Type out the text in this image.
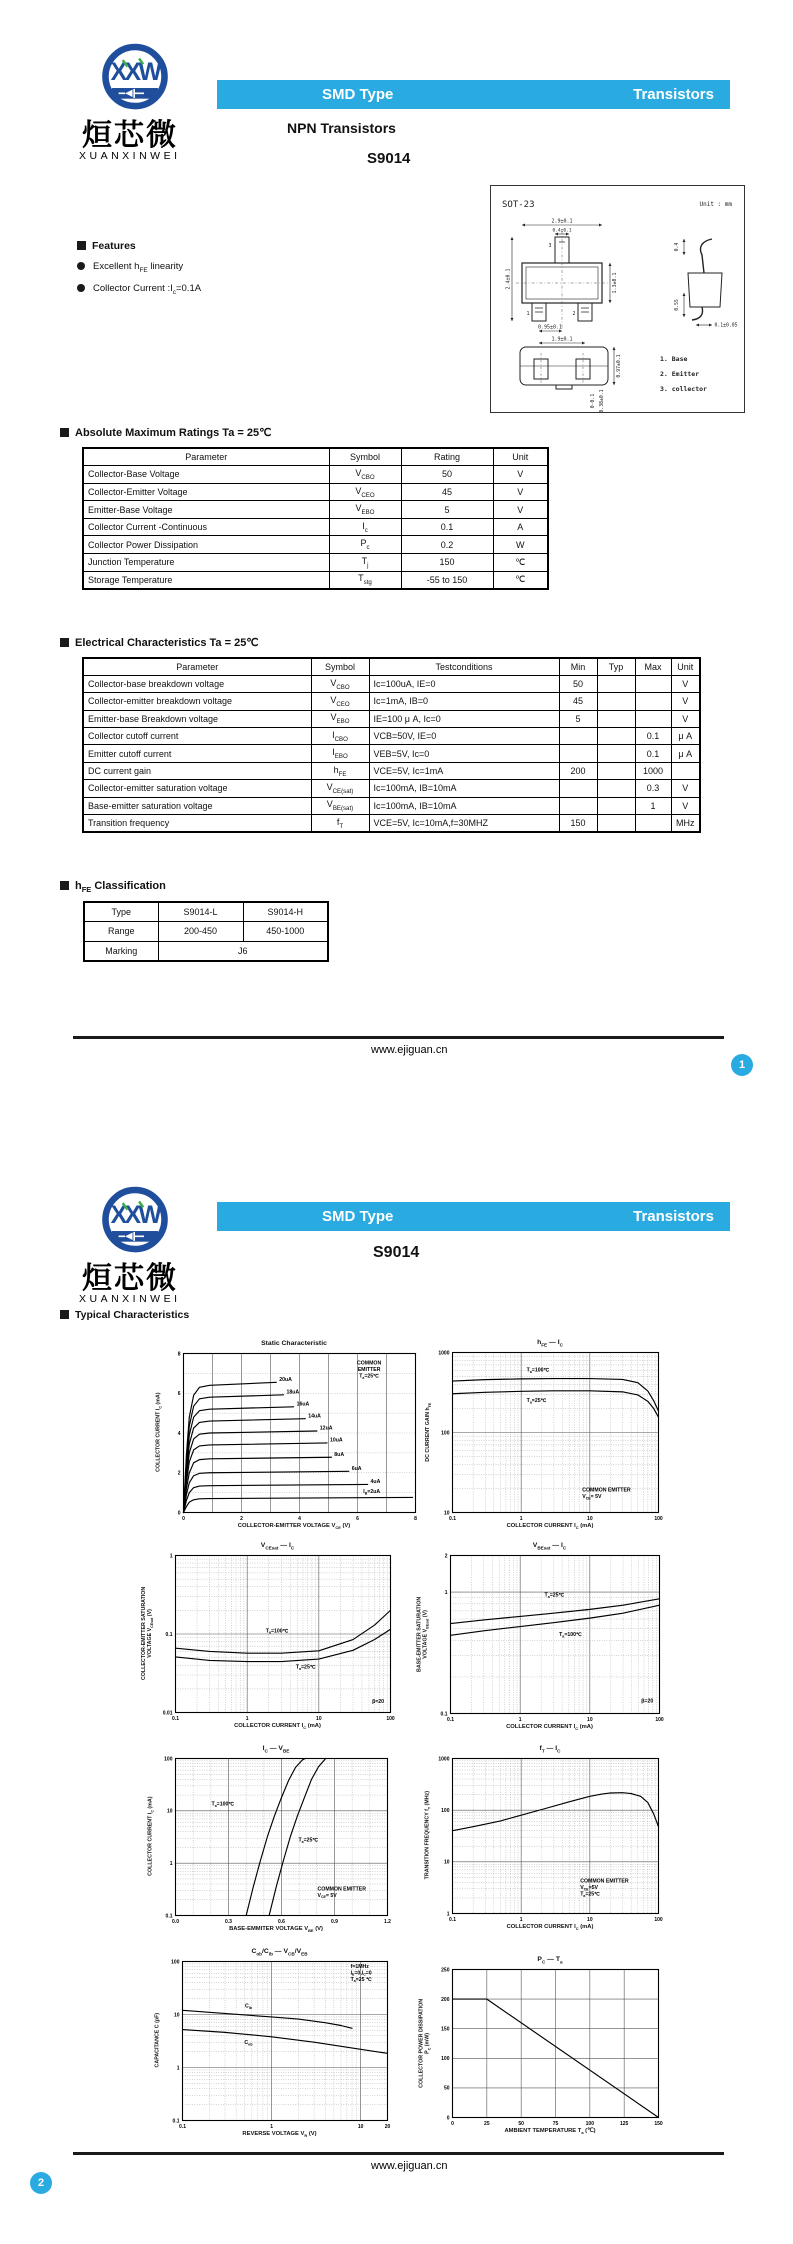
XXW
烜芯微
XUANXINWEI
SMD Type	Transistors
NPN Transistors
S9014
SOT-23	Unit : mm
3
1	2
2.9±0.1
0.4±0.1
2.4±0.1	1.3±0.1
0.95±0.1
1.9±0.1
0.4
0.55
0.1±0.05
0.97±0.1
0-0.1 0.38±0.1
1. Base
2. Emitter
3. collector
Features
Excellent $h_{FE}$ linearity
Collector Current $:I_c=0.1A$
Absolute Maximum Ratings Ta = 25℃
Parameter	Symbol	Rating	Unit
Collector-Base Voltage	$V_{CBO}$	50	V
Collector-Emitter Voltage	$V_{CEO}$	45	V
Emitter-Base Voltage	$V_{EBO}$	5	V
Collector Current -Continuous	$I_c$	0.1	A
Collector Power Dissipation	$P_c$	0.2	W
Junction Temperature	$T_j$	150	℃
Storage Temperature	$T_{stg}$	-55 to 150	℃
Electrical Characteristics Ta = 25℃
Parameter	Symbol	Testconditions	Min	Typ	Max	Unit
Collector-base breakdown voltage	$V_{CBO}$	Ic=100uA, IE=0	50			V
Collector-emitter breakdown voltage	$V_{CEO}$	Ic=1mA, IB=0	45			V
Emitter-base Breakdown voltage	$V_{EBO}$	IE=100 μ A, Ic=0	5			V
Collector cutoff current	$I_{CBO}$	VCB=50V, IE=0			0.1	μ A
Emitter cutoff current	$I_{EBO}$	VEB=5V, Ic=0			0.1	μ A
DC current gain	$h_{FE}$	VCE=5V, Ic=1mA	200		1000	
Collector-emitter saturation voltage	$V_{CE(sat)}$	Ic=100mA, IB=10mA			0.3	V
Base-emitter saturation voltage	$V_{BE(sat)}$	Ic=100mA, IB=10mA			1	V
Transition frequency	$f_T$	VCE=5V, Ic=10mA,f=30MHZ	150			MHz
$h_{FE}$ Classification
Type	S9014-L	S9014-H
Range	200-450	450-1000
Marking	J6	
www.ejiguan.cn
1
XXW
烜芯微
XUANXINWEI
SMD Type	Transistors
S9014
Typical Characteristics
0	2	4	6	8
0
2
4
6
8
20uA
18uA
16uA
14uA
12uA
10uA
8uA
6uA
4uA
$I_B=2uA$
COMMON
EMITTER
$T_a=25℃$
0.1	1	10	100
10
100
1000
$T_a=100℃$
$T_a=25℃$
COMMON EMITTER
$V_{CE}= 5V$
0.1	1	10	100
0.01
0.1
1
$T_a=100℃$
$T_a=25℃$
β=20
0.1	1	10	100
0.1
1
2
$T_a=25℃$
$T_a=100℃$
β=20
0.0	0.3	0.6	0.9	1.2
0.1
1
10
100
$T_a=100℃$
$T_a=25℃$
COMMON EMITTER
$V_{CE}= 5V$
0.1	1	10	100
1
10
100
1000
COMMON EMITTER
$V_{CE}=5V$
$T_a=25℃$
0.1	1	10	20
0.1
1
10
100
$C_{ib}$
$C_{ob}$
f=1MHz
$I_E=0,I_C=0$
$T_a=25$ ℃
0	25	50	75	100	125	150
0
50
100
150
200
250
www.ejiguan.cn
2
Static Characteristic
COLLECTOR-EMITTER VOLTAGE $V_{CE}$ (V)
COLLECTOR CURRENT $I_C$ (mA)
$h_{FE}$ — $I_C$
COLLECTOR CURRENT $I_C$ (mA)
DC CURRENT GAIN $h_{FE}$
$V_{CEsat}$ — $I_C$
COLLECTOR CURRENT $I_C$ (mA)
COLLECTOR-EMITTER SATURATION VOLTAGE $V_{CEsat}$ (V)
$V_{BEsat}$ — $I_C$
COLLECTOR CURRENT $I_C$ (mA)
BASE-EMITTER SATURATION VOLTAGE $V_{BEsat}$ (V)
$I_C$ — $V_{BE}$
BASE-EMMITER VOLTAGE $V_{BE}$ (V)
COLLECTOR CURRENT $I_C$ (mA)
$f_T$ — $I_C$
COLLECTOR CURRENT $I_C$ (mA)
TRANSITION FREQUENCY $f_T$ (MHz)
$C_{ob}/C_{ib}$ — $V_{CB}/V_{EB}$
REVERSE VOLTAGE $V_R$ (V)
CAPACITANCE C (pF)
$P_C$ — $T_a$
AMBIENT TEMPERATURE $T_a$ (℃)
COLLECTOR POWER DISSIPATION $P_C$ (mW)
